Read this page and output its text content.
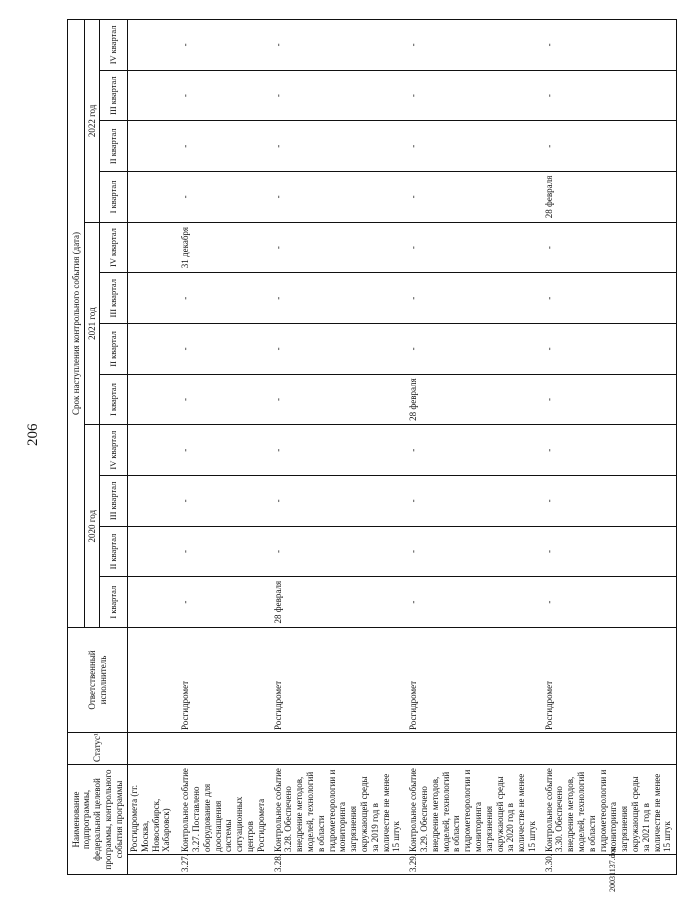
206
20031137.doc
Наименование подпрограммы, федеральной целевой программы, контрольного события программы		Статус¹	Ответственный исполнитель	Срок наступления контрольного события (дата)											
				2020 год				2021 год				2022 год			
				I квартал	II квартал	III квартал	IV квартал	I квартал	II квартал	III квартал	IV квартал	I квартал	II квартал	III квартал	IV квартал
	Росгидромета (гг. Москва, Новосибирск, Хабаровск)														
3.27.	Контрольное событие 3.27. Поставлено оборудование для дооснащения системы ситуационных центров Росгидромета		Росгидромет	-	-	-	-	-	-	-	31 декабря	-	-	-	-
3.28.	Контрольное событие 3.28. Обеспечено внедрение методов, моделей, технологий в области гидрометеорологии и мониторинга загрязнения окружающей среды за 2019 год в количестве не менее 15 штук		Росгидромет	28 февраля	-	-	-	-	-	-	-	-	-	-	-
3.29.	Контрольное событие 3.29. Обеспечено внедрение методов, моделей, технологий в области гидрометеорологии и мониторинга загрязнения окружающей среды за 2020 год в количестве не менее 15 штук		Росгидромет	-	-	-	-	28 февраля	-	-	-	-	-	-	-
3.30.	Контрольное событие 3.30. Обеспечено внедрение методов, моделей, технологий в области гидрометеорологии и мониторинга загрязнения окружающей среды за 2021 год в количестве не менее 15 штук		Росгидромет	-	-	-	-	-	-	-	-	28 февраля	-	-	-
